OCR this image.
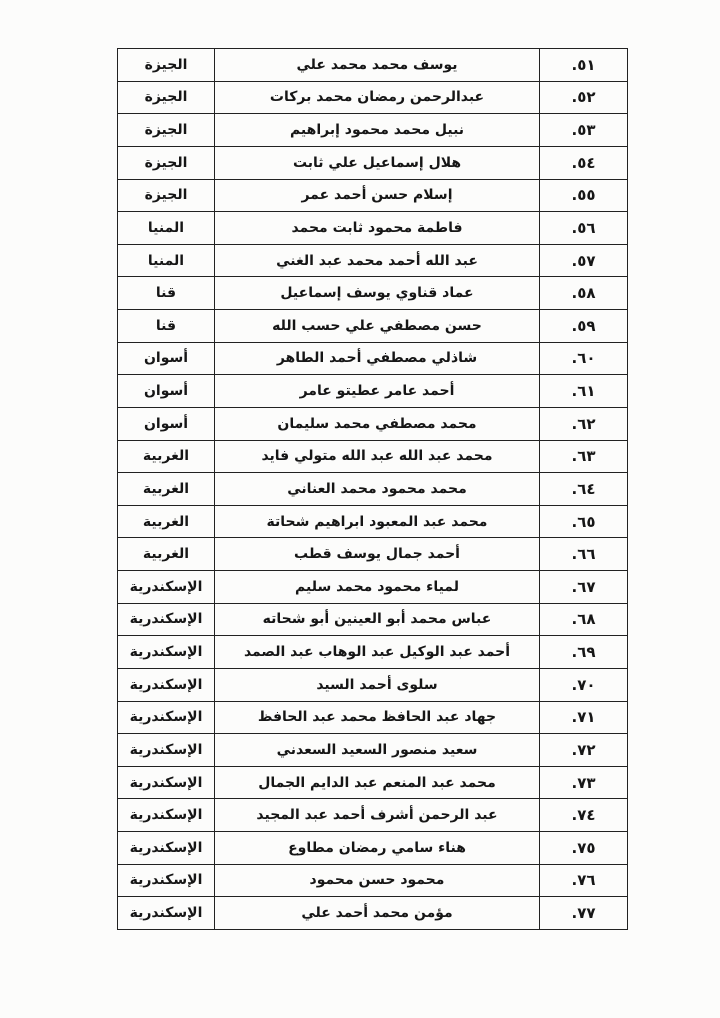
٥١.	يوسف محمد محمد علي	الجيزة
٥٢.	عبدالرحمن رمضان محمد بركات	الجيزة
٥٣.	نبيل محمد محمود إبراهيم	الجيزة
٥٤.	هلال إسماعيل علي ثابت	الجيزة
٥٥.	إسلام حسن أحمد عمر	الجيزة
٥٦.	فاطمة محمود ثابت محمد	المنيا
٥٧.	عبد الله أحمد محمد عبد الغني	المنيا
٥٨.	عماد قناوي يوسف إسماعيل	قنا
٥٩.	حسن مصطفي علي حسب الله	قنا
٦٠.	شاذلي مصطفي أحمد الطاهر	أسوان
٦١.	أحمد عامر عطيتو عامر	أسوان
٦٢.	محمد مصطفي محمد سليمان	أسوان
٦٣.	محمد عبد الله عبد الله متولي فايد	الغربية
٦٤.	محمد محمود محمد العناني	الغربية
٦٥.	محمد عبد المعبود ابراهيم شحاتة	الغربية
٦٦.	أحمد جمال يوسف قطب	الغربية
٦٧.	لمياء محمود محمد سليم	الإسكندرية
٦٨.	عباس محمد أبو العينين أبو شحاته	الإسكندرية
٦٩.	أحمد عبد الوكيل عبد الوهاب عبد الصمد	الإسكندرية
٧٠.	سلوى أحمد السيد	الإسكندرية
٧١.	جهاد عبد الحافظ محمد عبد الحافظ	الإسكندرية
٧٢.	سعيد منصور السعيد السعدني	الإسكندرية
٧٣.	محمد عبد المنعم عبد الدايم الجمال	الإسكندرية
٧٤.	عبد الرحمن أشرف أحمد عبد المجيد	الإسكندرية
٧٥.	هناء سامي رمضان مطاوع	الإسكندرية
٧٦.	محمود حسن محمود	الإسكندرية
٧٧.	مؤمن محمد أحمد علي	الإسكندرية
